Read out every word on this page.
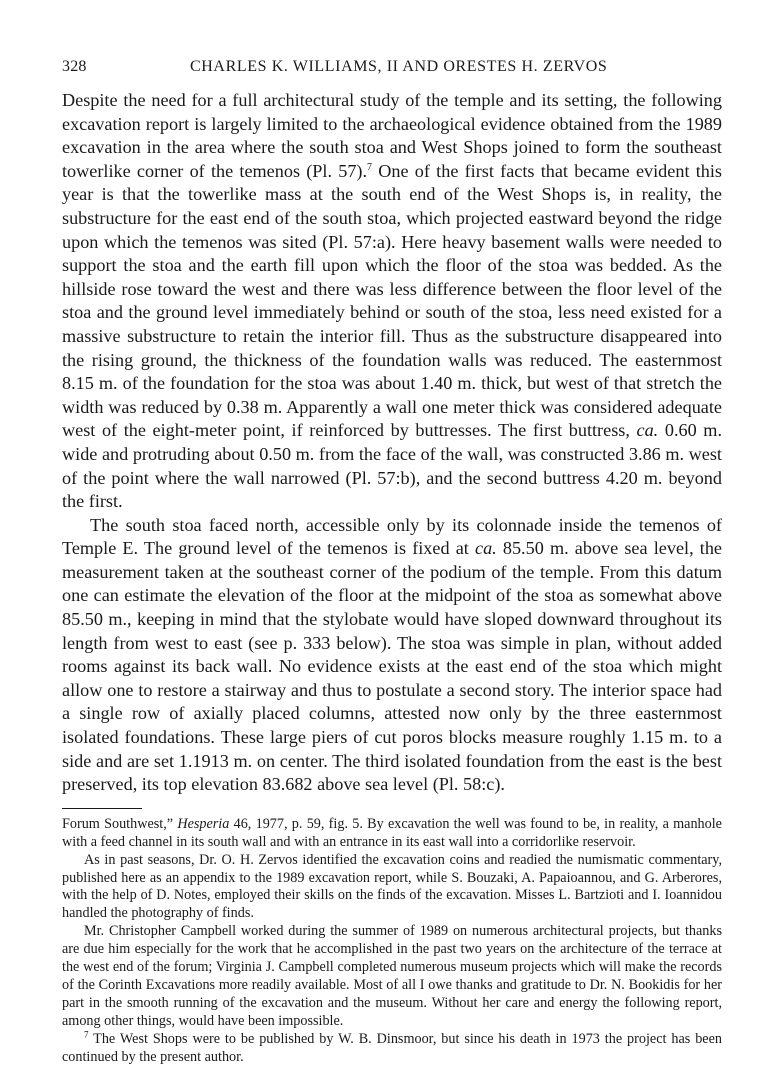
328	CHARLES K. WILLIAMS, II AND ORESTES H. ZERVOS

Despite the need for a full architectural study of the temple and its setting, the following excavation report is largely limited to the archaeological evidence obtained from the 1989 excavation in the area where the south stoa and West Shops joined to form the southeast towerlike corner of the temenos (Pl. 57).$^7$ One of the first facts that became evident this year is that the towerlike mass at the south end of the West Shops is, in reality, the substructure for the east end of the south stoa, which projected eastward beyond the ridge upon which the temenos was sited (Pl. 57:a). Here heavy basement walls were needed to support the stoa and the earth fill upon which the floor of the stoa was bedded. As the hillside rose toward the west and there was less difference between the floor level of the stoa and the ground level immediately behind or south of the stoa, less need existed for a massive substructure to retain the interior fill. Thus as the substructure disappeared into the rising ground, the thickness of the foundation walls was reduced. The easternmost 8.15 m. of the foundation for the stoa was about 1.40 m. thick, but west of that stretch the width was reduced by 0.38 m. Apparently a wall one meter thick was considered adequate west of the eight-meter point, if reinforced by buttresses. The first buttress, ca. 0.60 m. wide and protruding about 0.50 m. from the face of the wall, was constructed 3.86 m. west of the point where the wall narrowed (Pl. 57:b), and the second buttress 4.20 m. beyond the first.

The south stoa faced north, accessible only by its colonnade inside the temenos of Temple E. The ground level of the temenos is fixed at ca. 85.50 m. above sea level, the measurement taken at the southeast corner of the podium of the temple. From this datum one can estimate the elevation of the floor at the midpoint of the stoa as somewhat above 85.50 m., keeping in mind that the stylobate would have sloped downward throughout its length from west to east (see p. 333 below). The stoa was simple in plan, without added rooms against its back wall. No evidence exists at the east end of the stoa which might allow one to restore a stairway and thus to postulate a second story. The interior space had a single row of axially placed columns, attested now only by the three easternmost isolated foundations. These large piers of cut poros blocks measure roughly 1.15 m. to a side and are set 1.1913 m. on center. The third isolated foundation from the east is the best preserved, its top elevation 83.682 above sea level (Pl. 58:c).

Forum Southwest,” Hesperia 46, 1977, p. 59, fig. 5. By excavation the well was found to be, in reality, a manhole with a feed channel in its south wall and with an entrance in its east wall into a corridorlike reservoir.

As in past seasons, Dr. O. H. Zervos identified the excavation coins and readied the numismatic commentary, published here as an appendix to the 1989 excavation report, while S. Bouzaki, A. Papaioannou, and G. Arberores, with the help of D. Notes, employed their skills on the finds of the excavation. Misses L. Bartzioti and I. Ioannidou handled the photography of finds.

Mr. Christopher Campbell worked during the summer of 1989 on numerous architectural projects, but thanks are due him especially for the work that he accomplished in the past two years on the architecture of the terrace at the west end of the forum; Virginia J. Campbell completed numerous museum projects which will make the records of the Corinth Excavations more readily available. Most of all I owe thanks and gratitude to Dr. N. Bookidis for her part in the smooth running of the excavation and the museum. Without her care and energy the following report, among other things, would have been impossible.

$^7$ The West Shops were to be published by W. B. Dinsmoor, but since his death in 1973 the project has been continued by the present author.
